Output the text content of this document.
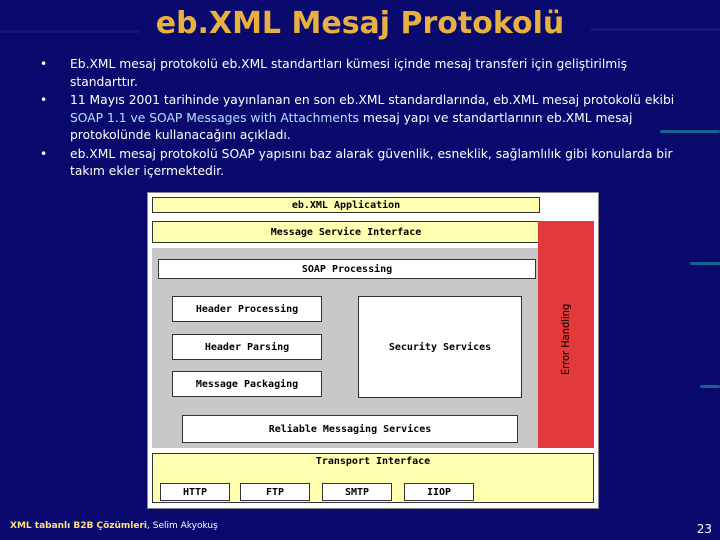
eb.XML Mesaj Protokolü
• Eb.XML mesaj protokolü eb.XML standartları kümesi içinde mesaj transferi için geliştirilmiş standarttır.
• 11 Mayıs 2001 tarihinde yayınlanan en son eb.XML standardlarında, eb.XML mesaj protokolü ekibi SOAP 1.1 ve SOAP Messages with Attachments mesaj yapı ve standartlarının eb.XML mesaj protokolünde kullanacağını açıkladı.
• eb.XML mesaj protokolü SOAP yapısını baz alarak güvenlik, esneklik, sağlamlılık gibi konularda bir takım ekler içermektedir.
eb.XML Application
Message Service Interface
Error Handling
SOAP Processing
Header Processing
Header Parsing
Message Packaging
Security Services
Reliable Messaging Services
Transport Interface
HTTP	FTP	SMTP	IIOP
XML tabanlı B2B Çözümleri, Selim Akyokuş	23
